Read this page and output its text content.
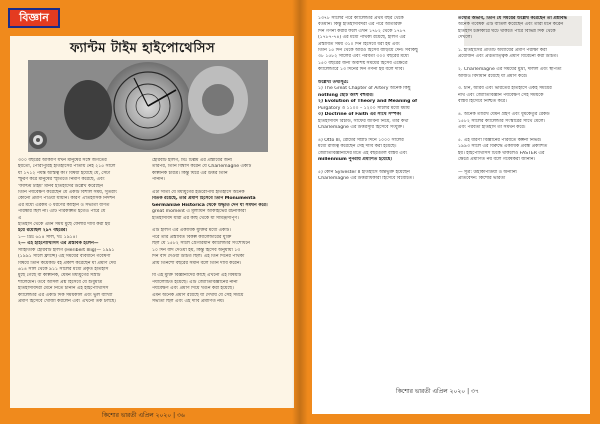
বিজ্ঞান
ফ্যান্টম টাইম হাইপোথেসিস
৩০০ বছরের আর্কাণি যখন মানুষের সঙ্গে জগতের
হয়তো, পোরাপুরিই ইতিহাসের পাতায় নেই ২১৫ সালে
যা ১৭১২ পর্যন্ত অস্তিত্ব কী? বিষয়া হয়েছে যে, সেটা
স্ফুরণ করে মানুষের স্মৃতিতে নির্মাণ করেছে, এবং
'ফ্যান্টম টাইম' মানব ইতিহাসের উল্লেখ করেছেন
তিনি পর্যবেক্ষণ করেছেন যে একটি বিশাল সময়, সুতরাং
কোনো প্রমাণ পাওয়া যায়নি। কারণ ঐতিহাসিক নিদর্শন
এর মধ্যে এরকম ৩ ধরণের কাহিনি ও সভ্যতা বর্ণিত
পরিষ্কার ছিল না। এটি পরিকল্পিত হতেও পারে যে
এ
ইতিহাস থেকে এমন সময় মুছে ফেলার দাবি করা হয়
হয়ে রয়েছিল ২৯৭ বছরের।
১— খ্রিঃ ৬১৪ সাল, খঃ ১৯১৪।
২— এই হাইপোথিসিস এর প্রস্তাবক হলেন—
সাহিত্যিক হেরিবার্ট ইলিগ (Heribert Illig)— ১৯৯১
(১৯৯১ সালে ফ্রান্সে) এই সময়ের ব্যবধানে গবেষণা
বিষয়ে তিনি কয়েকটি বই প্রকাশ করেছেন যা প্রমাণ দেয়
৬১৪ সাল থেকে ৯১১ সালের মধ্যে প্রকৃত ইতিহাস
মুছে গেছে বা কাল্পনিক, যেমন মধ্যযুগের সম্রাট
শার্লেমেন। তবে আসল প্রশ্ন হিসেবে যে শুধুমাত্র
ইতিহাসবিদরা মেনে নিতে চাননি এই হাইপোথিসিস
ক্যালেন্ডার এর একটি দিক সময়কাল এবং ভুল ব্যাখ্যা
প্রমাণ হিসেবে খোঁজা করলেন এবং এখনো তর্ক চলছে।
হেরিবার্ট ইলিগ, মিঃ টিল্লম এর প্রস্তাবের জন্য
তারপর, তিনি বিশ্বাস করেন যে Charlemagne একটি
কাল্পনিক চরিত্র। কিন্তু ঘিরে এর উত্তর তিনি
পাননি।

এটা সত্যি যে মধ্যযুগের ইউরোপীয় ইতিহাসে অনেক
বিতর্ক রয়েছে, তার প্রমাণ হিসেবে তিনি Monumenta
Germaniae Historica থেকে উদ্ধৃতি দেন যা সমর্থন করে।
great moment এ মূল্যায়ন আর্কাইভের রচনাকারী
ইতিহাসবিদ যারা এর কাছ থেকে যা সামঞ্জস্যপূর্ণ।

এটি ইলিগ এর একাধিক যুক্তির মধ্যে একটি।
পরে তার প্রস্তাবিত বিকল্প ক্যালেন্ডারের যুক্তি
ছিল যে ১৫৮২ সালে গ্রেগরিয়ান ক্যালেন্ডার সংশোধনে
১০ দিন বাদ দেওয়া হয়, কিন্তু হিসেব অনুযায়ী ১৩
দিন বাদ দেওয়া উচিত ছিল। এই তিন দিনের পার্থক্য
প্রায় তিনশো বছরের সমান বলে তিনি দাবি করেন।

বি এই মুক্তি বিজ্ঞানীদের কাছে এখনো এই বিষয়টি
পর্যালোচিত হয়েছে। এটি জ্যোতির্বিজ্ঞানের নানা
পর্যবেক্ষণ এবং প্রমাণ দিয়ে খণ্ডন করা হয়েছে।
এমন অনেক প্রমাণ রয়েছে যা দেখায় যে সেই সময়ে
সভ্যতা ছিল এবং এই দাবি প্রমাণিত নয়।
কিশোর ভারতী এপ্রিল ২০২০ | ৩৬
১৩৭৮ সালের পরে ক্যালেন্ডার প্রথম বছর থেকে
বর্তমান। কিন্তু ইতিহাসবিদরা এর পরে অতিরিক্ত
দিন গণনা করার ফলে এখন ১৭৮২ থেকে ১৭৮৭
(১৭৮৭-৭৪) এর মধ্যে পার্থক্য রয়েছে, ইলিগ এর
প্রস্তাবিত সময় ৩১০ দিন হিসেবে ধরা হয় এবং
তিনি ১৫ দিন থেকে আরও হিসেব বাড়িয়ে দেন। সবকিছু
৩৮ ১৫৮২ সালের এবং পরবর্তী ৩০০ বছরের মধ্যে
১৫০ বছরের জন্য অবশিষ্ট সময়ের হিসেব এক্ষেত্রে
ক্যালেন্ডারে ১৩ দিনের দিন গণনা হয় বলে দাবি।

উল্লেখ্য তথ্যসূত্র:
১) The Great Chapter of Artery অনেক কিছু
nothing ছোট অংশ বহুবার।
২) Evolution of Theory and Meaning of
Purgatory ও ১১০০ – ১২০০ সালের মধ্যে ধর্মীয়
৩) Doctrine of Faith এর সাথে সম্পর্ক।
ইতিহাসবিদ রিচার্ড, সাফের জীবনী নিয়ে, তাঁর কথা
Charlemagne এর উত্তরসূরি হিসেবে সংযুক্ত।

৪) Otto III, রোমের সম্রাট দিনে ১০০০ সালের
মধ্যে রাজত্ব করেছেন সেই দাবি করা হয়েছে।
জ্যোতির্বিজ্ঞানীদের মতে এই বছরগুলি বাস্তব এবং
millennium পুনরায় প্রমাণিত হয়েছে।

৫) কোন Sylvester II ইতিহাসে অন্তর্ভুক্ত হয়েছেন
Charlemagne এর উত্তরাধিকারী হিসেবে বিবেচিত।
তথ্যের অভাব, তিনি যে সময়ের উল্লেখ করেছেন তা প্রশ্নবিদ্ধ
অনেক গবেষক এটি বাতিল করেছেন এবং তাঁরা মনে করেন
ইতিহাস চক্রাকারে ঘটে থাকতে পারে বিভিন্ন দিক থেকে
দেখলে।

১. ইতিহাসের প্রতিটি অধ্যায়ের প্রমাণ পরীক্ষা করা
প্রয়োজন এবং প্রত্নতাত্ত্বিক প্রমাণ বিবেচনা করা উচিত।

২. Charlemagne এর সময়ের মুদ্রা, দলিল এবং স্থাপত্য
আজও বিদ্যমান রয়েছে যা প্রমাণ করে।

৩. চীন, আরব এবং ভারতের ইতিহাসে একই সময়ের
নথি এবং জ্যোতির্বিজ্ঞান পর্যবেক্ষণ সেই সময়কে
বাস্তব হিসেবে নিশ্চিত করে।

৪. অনেক তারিখ যেমন গ্রহণ এবং ধূমকেতুর রেকর্ড
১৫৮২ সালের ক্যালেন্ডার সংস্কারের সাথে মেলে।
এবং পরবর্তী ইতিহাস তা সমর্থন করে।

৫. এই ধারণা বিজ্ঞানের পরিবর্তে কল্পনা নির্ভর।
১৯৯৩ সালে এর বিরুদ্ধে একাধিক প্রবন্ধ প্রকাশিত
হয়। হাইপোথিসিস টিকে থাকলেও FASTER এর
ক্ষেত্রে প্রমাণিত নয় বলে গবেষকরা জানান।

— সূত্র: উইকিপিডিয়া ও অন্যান্য
প্রতিবেদন: কিশোর ভারতী
কিশোর ভারতী এপ্রিল ২০২০ | ৩৭
